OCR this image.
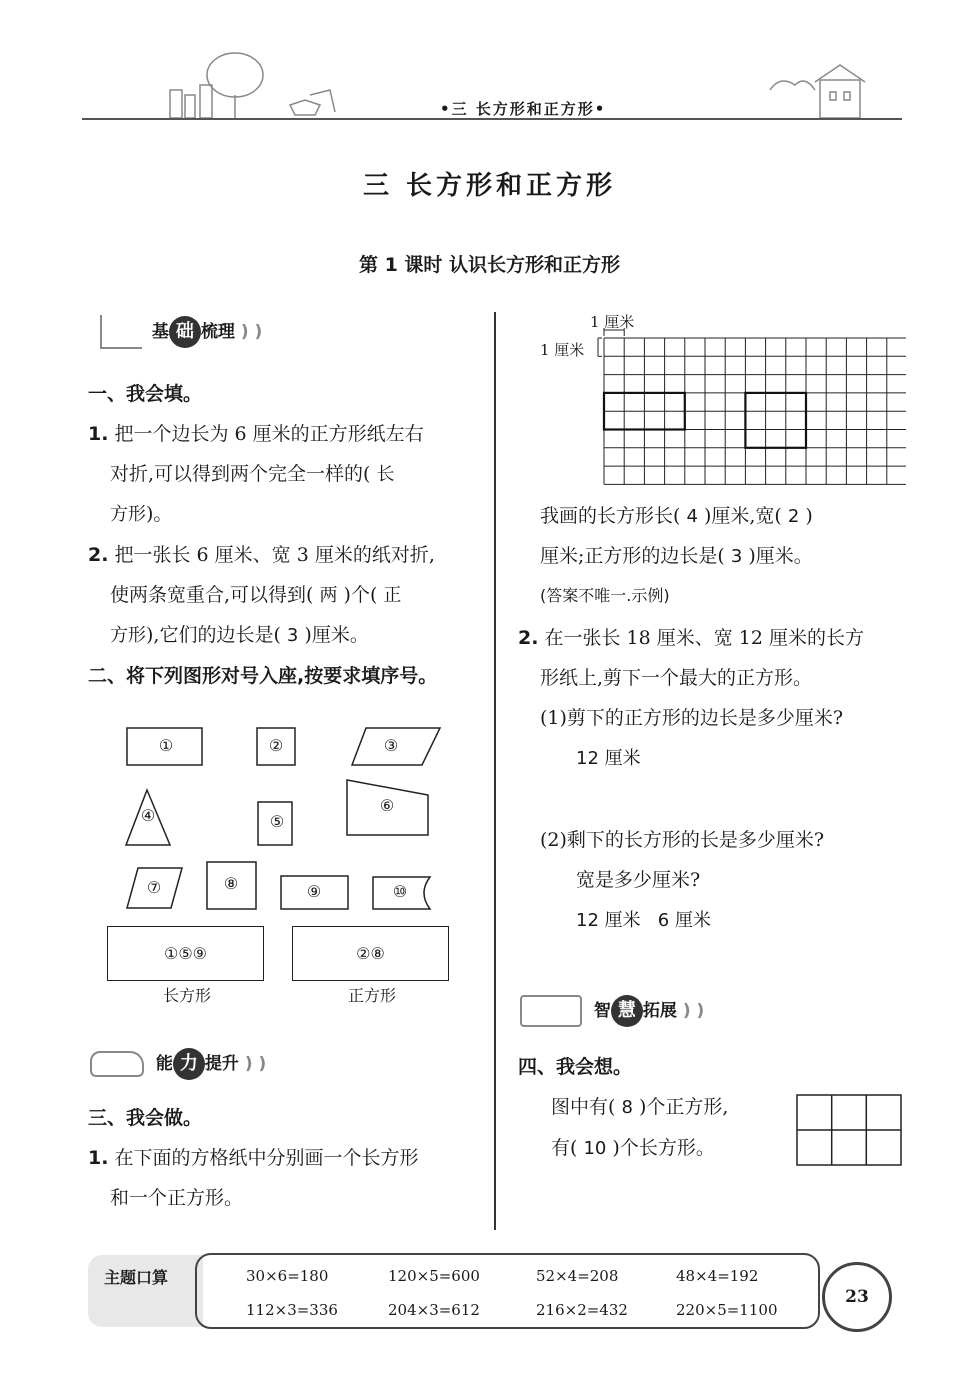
•三 长方形和正方形•
三 长方形和正方形
第 1 课时 认识长方形和正方形
基 础 梳理 ) )
一、我会填。
1. 把一个边长为 6 厘米的正方形纸左右
对折,可以得到两个完全一样的( 长
方形)。
2. 把一张长 6 厘米、宽 3 厘米的纸对折,
使两条宽重合,可以得到( 两 )个( 正
方形),它们的边长是( 3 )厘米。
二、将下列图形对号入座,按要求填序号。
①	②	③
④	⑤
⑥
⑦	⑧	⑨	⑩
①⑤⑨	②⑧
长方形	正方形
能 力 提升 ) )
三、我会做。
1. 在下面的方格纸中分别画一个长方形
和一个正方形。
1 厘米
1 厘米
我画的长方形长( 4 )厘米,宽( 2 )
厘米;正方形的边长是( 3 )厘米。
(答案不唯一.示例)
2. 在一张长 18 厘米、宽 12 厘米的长方
形纸上,剪下一个最大的正方形。
(1)剪下的正方形的边长是多少厘米?
12 厘米
(2)剩下的长方形的长是多少厘米?
宽是多少厘米?
12 厘米   6 厘米
智 慧 拓展 ) )
四、我会想。
图中有( 8 )个正方形,
有( 10 )个长方形。
主题口算	30×6=180	120×5=600	52×4=208	48×4=192
112×3=336	204×3=612	216×2=432	220×5=1100
23
